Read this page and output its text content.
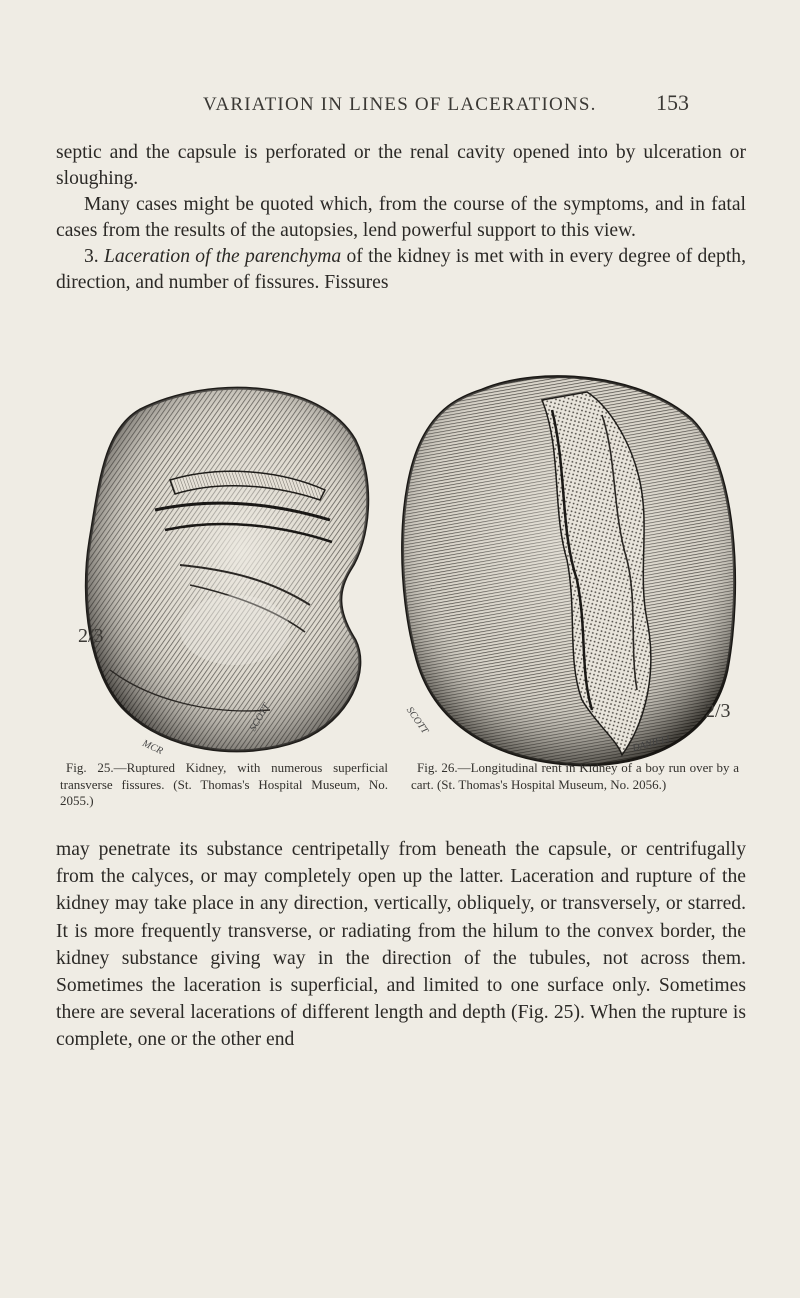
VARIATION IN LINES OF LACERATIONS.	153

septic and the capsule is perforated or the renal cavity opened into by ulceration or sloughing.

Many cases might be quoted which, from the course of the symptoms, and in fatal cases from the results of the autopsies, lend powerful support to this view.

3. Laceration of the parenchyma of the kidney is met with in every degree of depth, direction, and number of fissures. Fissures

2/3
SCOTT
MCR
2/3
SCOTT
DANIELL

Fig. 25.—Ruptured Kidney, with numerous superficial transverse fissures. (St. Thomas's Hospital Museum, No. 2055.)

Fig. 26.—Longitudinal rent in Kidney of a boy run over by a cart. (St. Thomas's Hospital Museum, No. 2056.)

may penetrate its substance centripetally from beneath the capsule, or centrifugally from the calyces, or may completely open up the latter. Laceration and rupture of the kidney may take place in any direction, vertically, obliquely, or transversely, or starred. It is more frequently transverse, or radiating from the hilum to the convex border, the kidney substance giving way in the direction of the tubules, not across them. Sometimes the laceration is superficial, and limited to one surface only. Sometimes there are several lacerations of different length and depth (Fig. 25). When the rupture is complete, one or the other end
